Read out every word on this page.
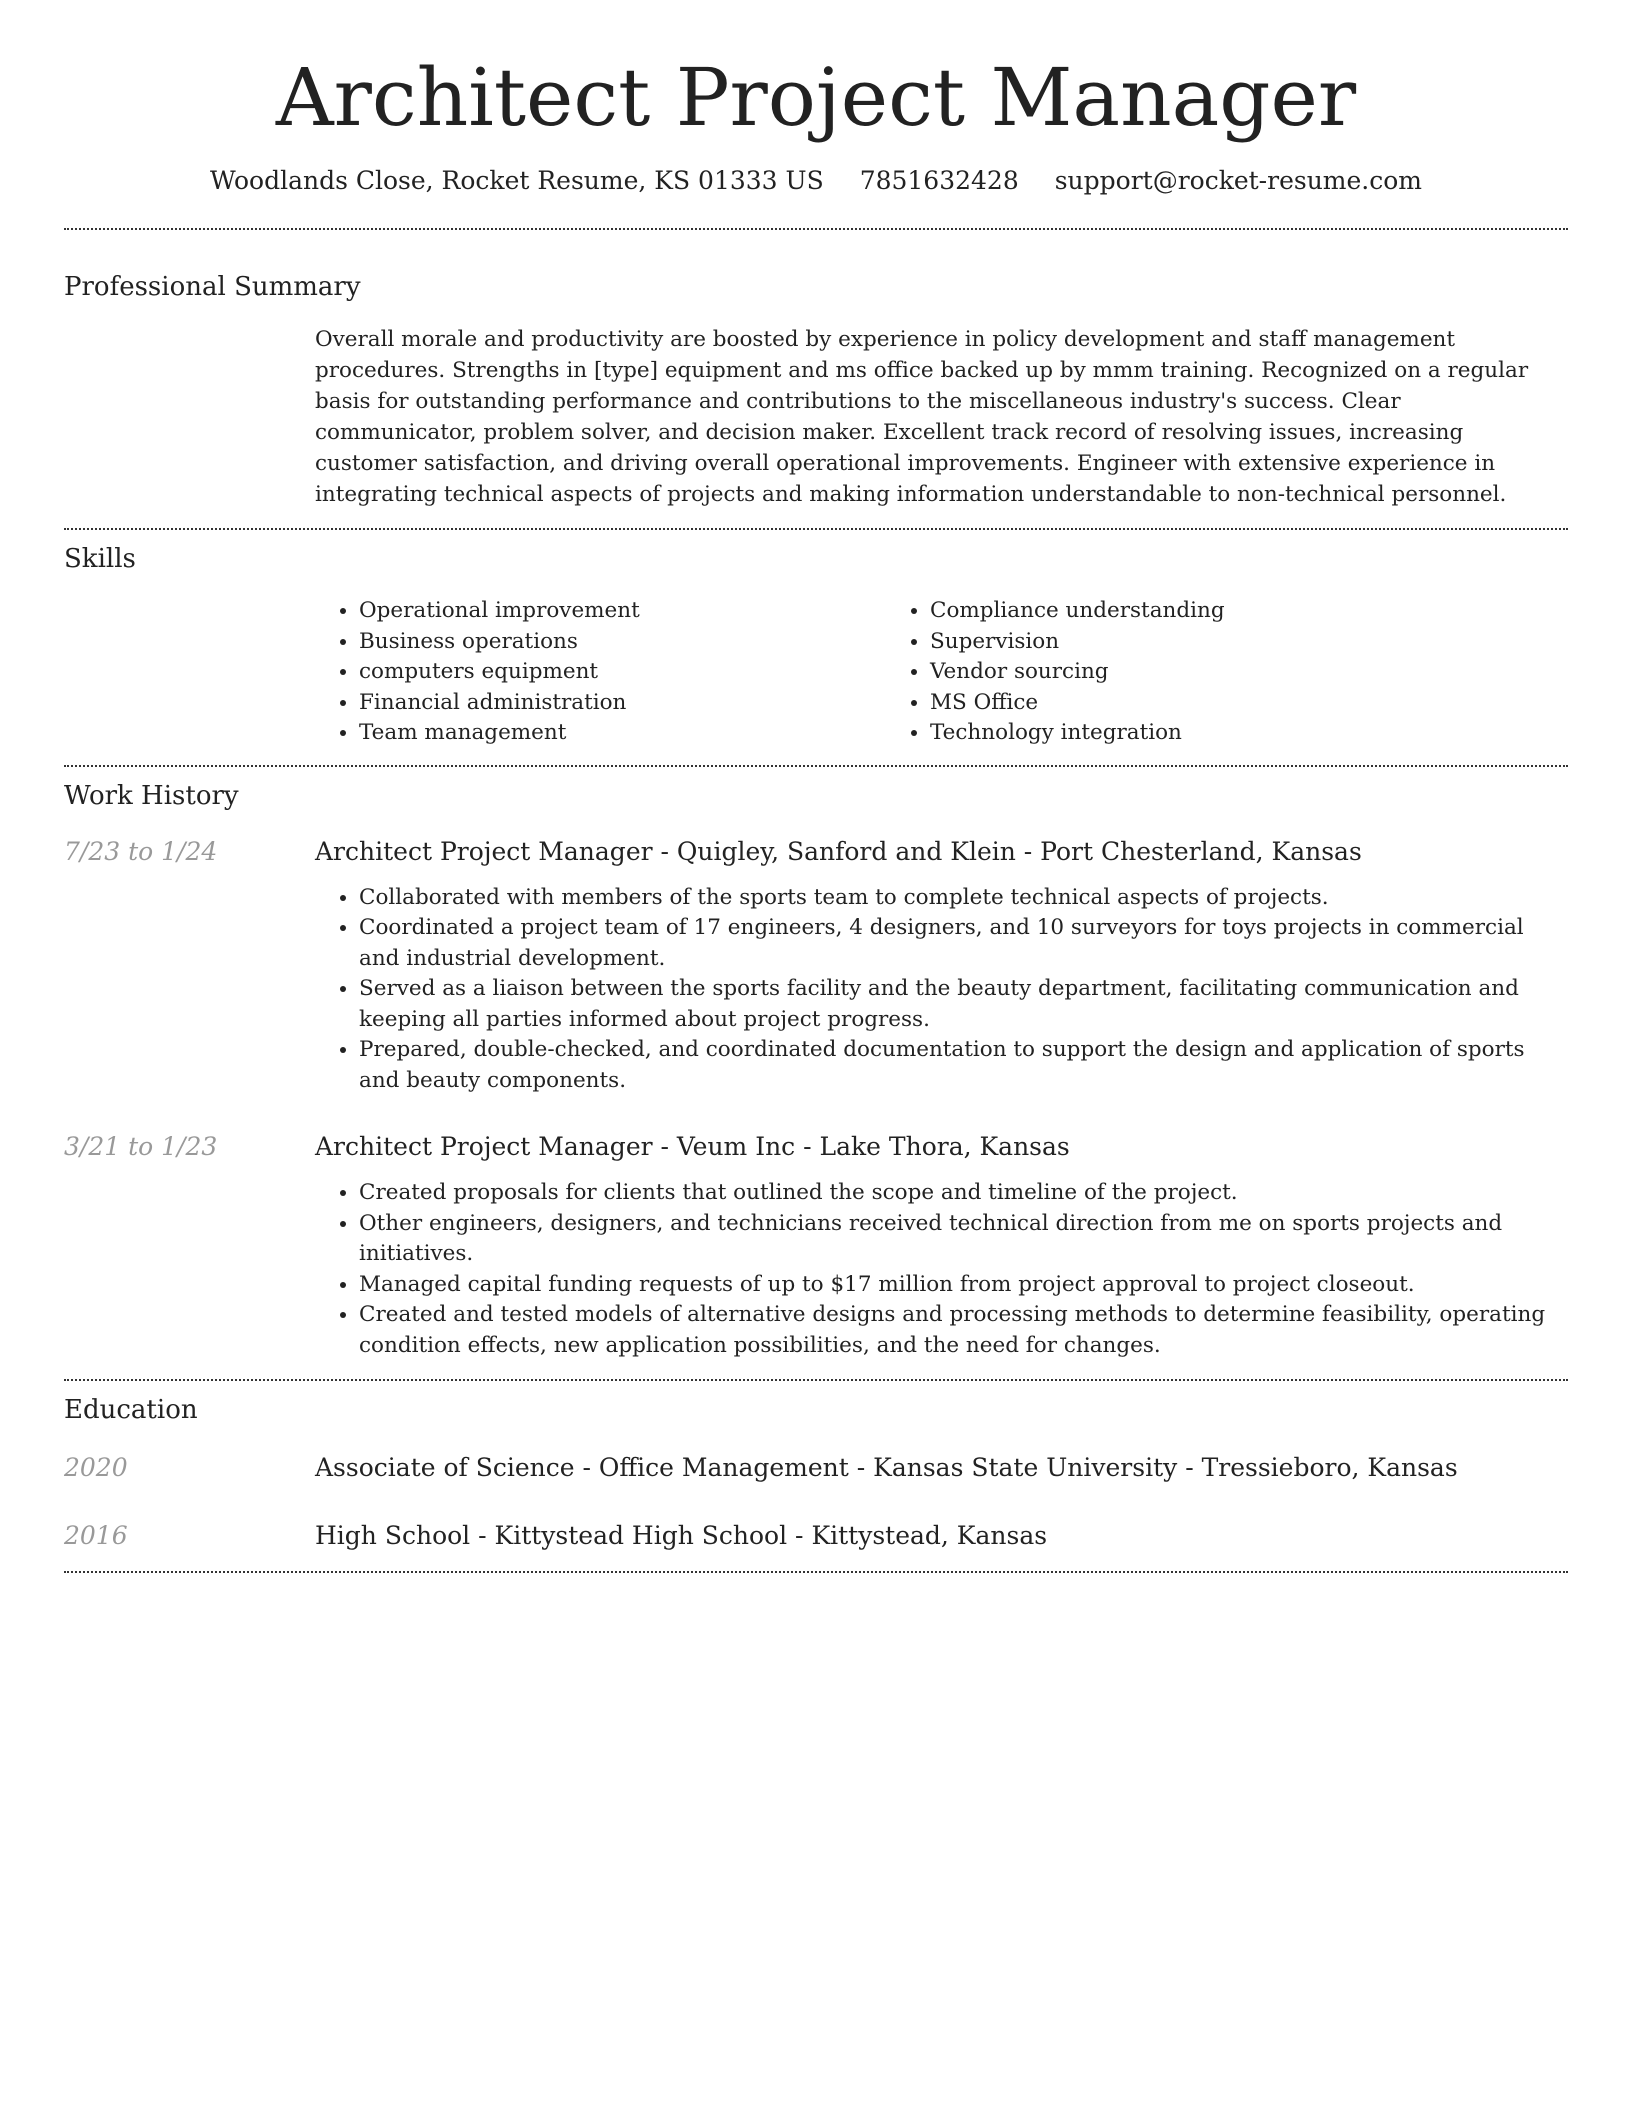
Architect Project Manager
Woodlands Close, Rocket Resume, KS 01333 US 7851632428 support@rocket-resume.com
Professional Summary

Overall morale and productivity are boosted by experience in policy development and staff management procedures. Strengths in [type] equipment and ms office backed up by mmm training. Recognized on a regular basis for outstanding performance and contributions to the miscellaneous industry's success. Clear communicator, problem solver, and decision maker. Excellent track record of resolving issues, increasing customer satisfaction, and driving overall operational improvements. Engineer with extensive experience in integrating technical aspects of projects and making information understandable to non-technical personnel.

Skills
• Operational improvement
• Business operations
• computers equipment
• Financial administration
• Team management
• Compliance understanding
• Supervision
• Vendor sourcing
• MS Office
• Technology integration
Work History
7/23 to 1/24	Architect Project Manager - Quigley, Sanford and Klein - Port Chesterland, Kansas
• Collaborated with members of the sports team to complete technical aspects of projects.
• Coordinated a project team of 17 engineers, 4 designers, and 10 surveyors for toys projects in commercial and industrial development.
• Served as a liaison between the sports facility and the beauty department, facilitating communication and keeping all parties informed about project progress.
• Prepared, double-checked, and coordinated documentation to support the design and application of sports and beauty components.
3/21 to 1/23	Architect Project Manager - Veum Inc - Lake Thora, Kansas
• Created proposals for clients that outlined the scope and timeline of the project.
• Other engineers, designers, and technicians received technical direction from me on sports projects and initiatives.
• Managed capital funding requests of up to $17 million from project approval to project closeout.
• Created and tested models of alternative designs and processing methods to determine feasibility, operating condition effects, new application possibilities, and the need for changes.
Education
2020	Associate of Science - Office Management - Kansas State University - Tressieboro, Kansas
2016	High School - Kittystead High School - Kittystead, Kansas
